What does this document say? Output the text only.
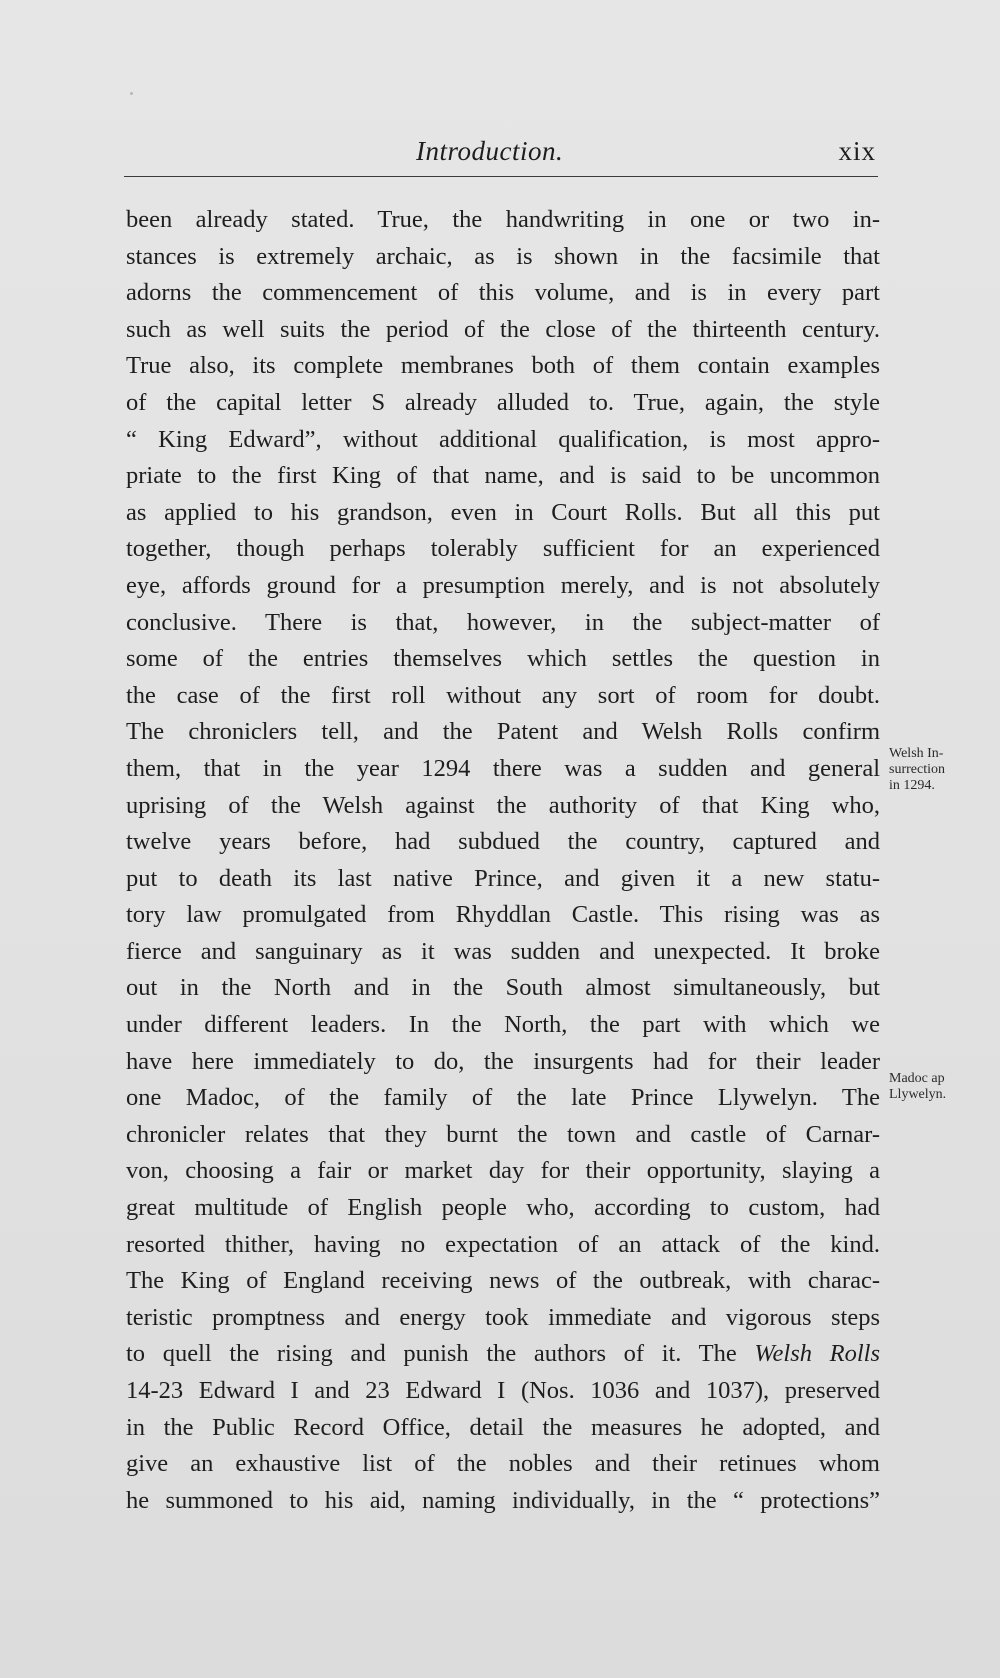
Introduction.	xix
been already stated. True, the handwriting in one or two in-
stances is extremely archaic, as is shown in the facsimile that
adorns the commencement of this volume, and is in every part
such as well suits the period of the close of the thirteenth century.
True also, its complete membranes both of them contain examples
of the capital letter S already alluded to. True, again, the style
“ King Edward”, without additional qualification, is most appro-
priate to the first King of that name, and is said to be uncommon
as applied to his grandson, even in Court Rolls. But all this put
together, though perhaps tolerably sufficient for an experienced
eye, affords ground for a presumption merely, and is not absolutely
conclusive. There is that, however, in the subject-matter of
some of the entries themselves which settles the question in
the case of the first roll without any sort of room for doubt.
The chroniclers tell, and the Patent and Welsh Rolls confirm
them, that in the year 1294 there was a sudden and general
uprising of the Welsh against the authority of that King who,
twelve years before, had subdued the country, captured and
put to death its last native Prince, and given it a new statu-
tory law promulgated from Rhyddlan Castle. This rising was as
fierce and sanguinary as it was sudden and unexpected. It broke
out in the North and in the South almost simultaneously, but
under different leaders. In the North, the part with which we
have here immediately to do, the insurgents had for their leader
one Madoc, of the family of the late Prince Llywelyn. The
chronicler relates that they burnt the town and castle of Carnar-
von, choosing a fair or market day for their opportunity, slaying a
great multitude of English people who, according to custom, had
resorted thither, having no expectation of an attack of the kind.
The King of England receiving news of the outbreak, with charac-
teristic promptness and energy took immediate and vigorous steps
to quell the rising and punish the authors of it. The Welsh Rolls
14-23 Edward I and 23 Edward I (Nos. 1036 and 1037), preserved
in the Public Record Office, detail the measures he adopted, and
give an exhaustive list of the nobles and their retinues whom
he summoned to his aid, naming individually, in the “ protections”
Welsh In-
surrection
in 1294.
Madoc ap
Llywelyn.
